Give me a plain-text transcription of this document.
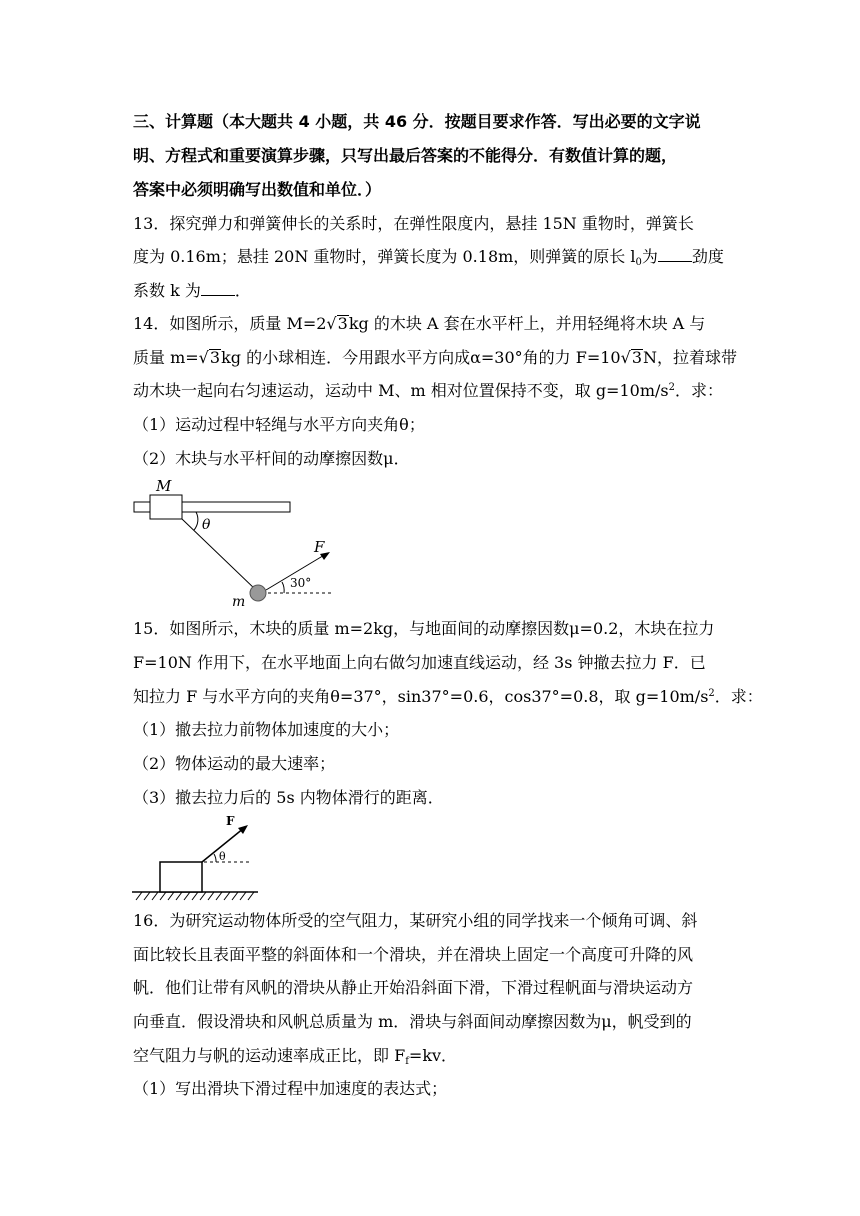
三、计算题（本大题共 4 小题，共 46 分．按题目要求作答．写出必要的文字说
明、方程式和重要演算步骤，只写出最后答案的不能得分．有数值计算的题，
答案中必须明确写出数值和单位．）
13．探究弹力和弹簧伸长的关系时，在弹性限度内，悬挂 15N 重物时，弹簧长
度为 0.16m；悬挂 20N 重物时，弹簧长度为 0.18m，则弹簧的原长 $l_0$为 劲度
系数 k 为 ．
14．如图所示，质量 M=2√3kg 的木块 A 套在水平杆上，并用轻绳将木块 A 与
质量 m=√3kg 的小球相连．今用跟水平方向成α=30°角的力 F=10√3N，拉着球带
动木块一起向右匀速运动，运动中 M、m 相对位置保持不变，取 $g=10m/s^2$．求：
（1）运动过程中轻绳与水平方向夹角θ；
（2）木块与水平杆间的动摩擦因数μ．
M
θ
m
F
30°
15．如图所示，木块的质量 m=2kg，与地面间的动摩擦因数μ=0.2，木块在拉力
F=10N 作用下，在水平地面上向右做匀加速直线运动，经 3s 钟撤去拉力 F．已
知拉力 F 与水平方向的夹角θ=37°，sin37°=0.6，cos37°=0.8，取 $g=10m/s^2$．求：
（1）撤去拉力前物体加速度的大小；
（2）物体运动的最大速率；
（3）撤去拉力后的 5s 内物体滑行的距离．
F
θ
16．为研究运动物体所受的空气阻力，某研究小组的同学找来一个倾角可调、斜
面比较长且表面平整的斜面体和一个滑块，并在滑块上固定一个高度可升降的风
帆．他们让带有风帆的滑块从静止开始沿斜面下滑，下滑过程帆面与滑块运动方
向垂直．假设滑块和风帆总质量为 m．滑块与斜面间动摩擦因数为μ，帆受到的
空气阻力与帆的运动速率成正比，即 $F_f=kv$．
（1）写出滑块下滑过程中加速度的表达式；
